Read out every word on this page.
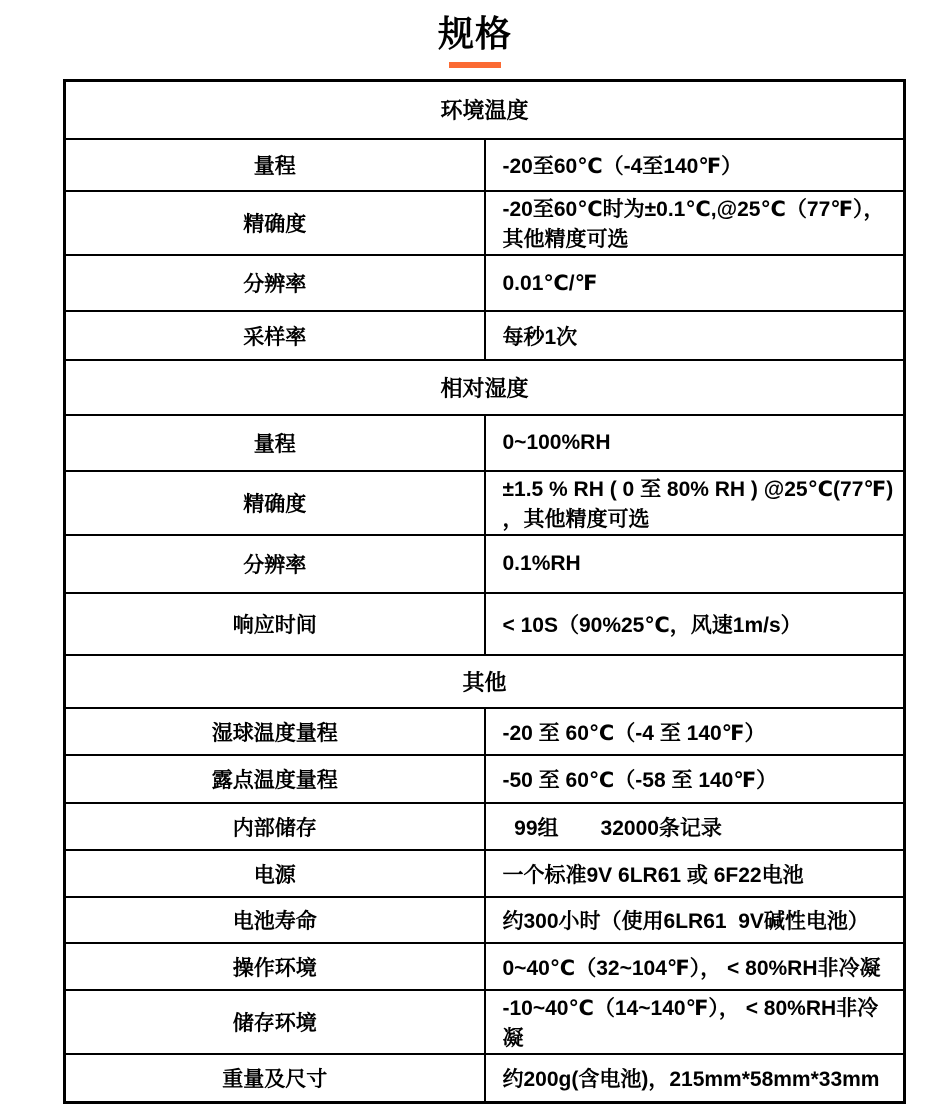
规格
环境温度	
量程	-20至60℃（-4至140℉）
精确度	-20至60℃时为±0.1℃,@25℃（77℉），其他精度可选
分辨率	0.01℃/℉
采样率	每秒1次
相对湿度	
量程	0~100%RH
精确度	±1.5 % RH ( 0 至 80% RH ) @25℃(77℉) ，其他精度可选
分辨率	0.1%RH
响应时间	< 10S（90%25℃，风速1m/s）
其他	
湿球温度量程	-20 至 60℃（-4 至 140℉）
露点温度量程	-50 至 60℃（-58 至 140℉）
内部储存	99组　　32000条记录
电源	一个标准9V 6LR61 或 6F22电池
电池寿命	约300小时（使用6LR61  9V碱性电池）
操作环境	0~40℃（32~104℉）， < 80%RH非冷凝
储存环境	-10~40℃（14~140℉）， < 80%RH非冷凝
重量及尺寸	约200g(含电池)，215mm*58mm*33mm
